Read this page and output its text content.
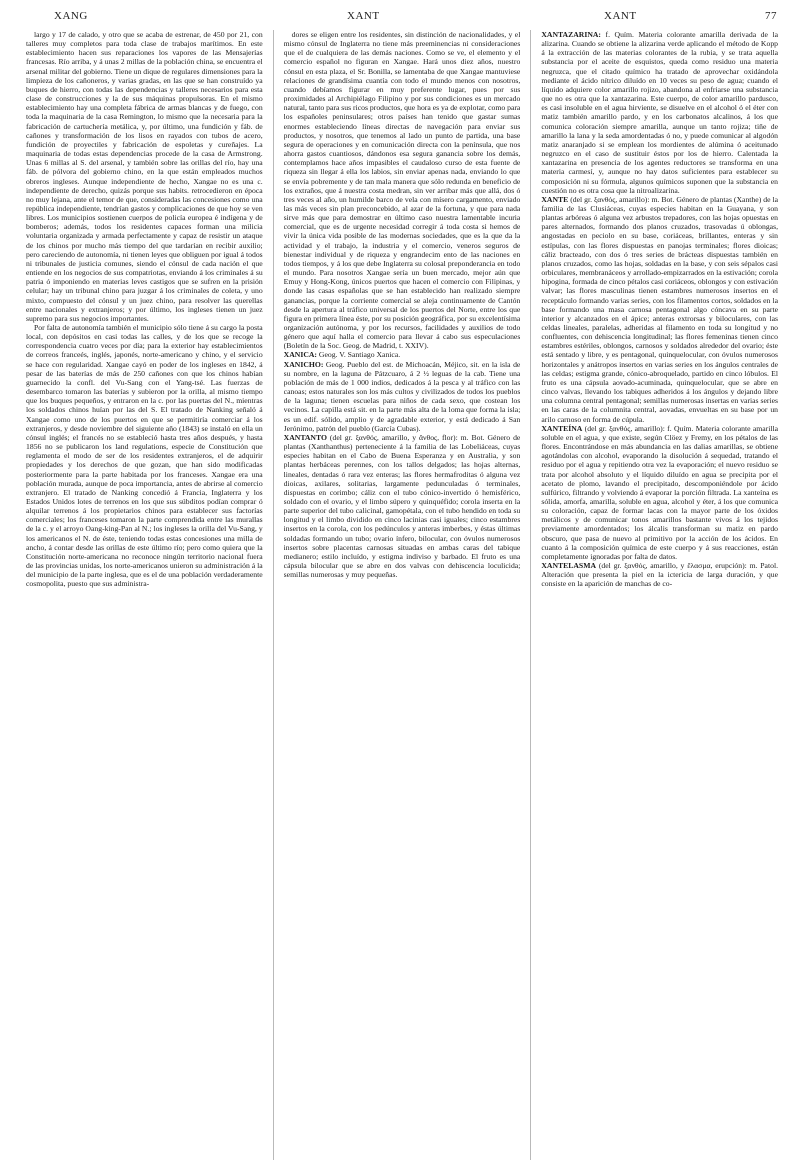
XANG	XANT	XANT	77

largo y 17 de calado, y otro que se acaba de estrenar, de 450 por 21, con talleres muy completos para toda clase de trabajos marítimos. En este establecimiento hacen sus reparaciones los vapores de las Mensajerías francesas. Río arriba, y á unas 2 millas de la población china, se encuentra el arsenal militar del gobierno. Tiene un dique de regulares dimensiones para la limpieza de los cañoneros, y varias gradas, en las que se han construído ya buques de hierro, con todas las dependencias y talleres necesarios para esta clase de construcciones y la de sus máquinas propulsoras. En el mismo establecimiento hay una completa fábrica de armas blancas y de fuego, con toda la maquinaria de la casa Remington, lo mismo que la necesaria para la fabricación de cartuchería metálica, y, por último, una fundición y fáb. de cañones y transformación de los lisos en rayados con tubos de acero, fundición de proyectiles y fabricación de espoletas y cureñajes. La maquinaria de todas estas dependencias procede de la casa de Armstrong. Unas 6 millas al S. del arsenal, y también sobre las orillas del río, hay una fáb. de pólvora del gobierno chino, en la que están empleados muchos obreros ingleses. Aunque independiente de hecho, Xangae no es una c. independiente de derecho, quizás porque sus habits. retrocedieron en época no muy lejana, ante el temor de que, consideradas las concesiones como una república independiente, tendrían gastos y complicaciones de que hoy se ven libres. Los municipios sostienen cuerpos de policía europea é indígena y de bomberos; además, todos los residentes capaces forman una milicia voluntaria organizada y armada perfectamente y capaz de resistir un ataque de los chinos por mucho más tiempo del que tardarían en recibir auxilio; pero careciendo de autonomía, ni tienen leyes que obliguen por igual á todos ni tribunales de justicia comunes, siendo el cónsul de cada nación el que entiende en los negocios de sus compatriotas, enviando á los criminales á su patria ó imponiendo en materias leves castigos que se sufren en la prisión celular; hay un tribunal chino para juzgar á los criminales de coleta, y uno mixto, compuesto del cónsul y un juez chino, para resolver las querellas entre nacionales y extranjeros; y por último, los ingleses tienen un juez supremo para sus negocios importantes.

Por falta de autonomía también el municipio sólo tiene á su cargo la posta local, con depósitos en casi todas las calles, y de los que se recoge la correspondencia cuatro veces por día; para la exterior hay establecimientos de correos franceés, inglés, japonés, norte-americano y chino, y el servicio se hace con regularidad. Xangae cayó en poder de los ingleses en 1842, á pesar de las baterías de más de 250 cañones con que los chinos habían guarnecido la confl. del Vu-Sang con el Yang-tsé. Las fuerzas de desembarco tomaron las baterías y subieron por la orilla, al mismo tiempo que los buques pequeños, y entraron en la c. por las puertas del N., mientras los soldados chinos huían por las del S. El tratado de Nanking señaló á Xangae como uno de los puertos en que se permitiría comerciar á los extranjeros, y desde noviembre del siguiente año (1843) se instaló en ella un cónsul inglés; el francés no se estableció hasta tres años después, y hasta 1856 no se publicaron los land regulations, especie de Constitución que reglamenta el modo de ser de los residentes extranjeros, el de adquirir propiedades y los derechos de que gozan, que han sido modificadas posteriormente para la parte habitada por los franceses. Xangae era una población murada, aunque de poca importancia, antes de abrirse al comercio extranjero. El tratado de Nanking concedió á Francia, Inglaterra y los Estados Unidos lotes de terrenos en los que sus súbditos podían comprar ó alquilar terrenos á los propietarios chinos para establecer sus factorías comerciales; los franceses tomaron la parte comprendida entre las murallas de la c. y el arroyo Oang-king-Pan al N.; los ingleses la orilla del Vu-Sang, y los americanos el N. de éste, teniendo todas estas concesiones una milla de ancho, á contar desde las orillas de este último río; pero como quiera que la Constitución norte-americana no reconoce ningún territorio nacional fuera de las provincias unidas, los norte-americanos unieron su administración á la del municipio de la parte inglesa, que es el de una población verdaderamente cosmopolita, puesto que sus administra-

dores se eligen entre los residentes, sin distinción de nacionalidades, y el mismo cónsul de Inglaterra no tiene más preeminencias ni consideraciones que el de cualquiera de las demás naciones. Como se ve, el elemento y el comercio español no figuran en Xangae. Hará unos diez años, nuestro cónsul en esta plaza, el Sr. Bonilla, se lamentaba de que Xangae mantuviese relaciones de grandísima cuantía con todo el mundo menos con nosotros, cuando debíamos figurar en muy preferente lugar, pues por sus proximidades al Archipiélago Filipino y por sus condiciones es un mercado natural, tanto para sus ricos productos, que hora es ya de explotar, como para los españoles peninsulares; otros países han tenido que gastar sumas enormes estableciendo líneas directas de navegación para enviar sus productos, y nosotros, que tenemos al lado un punto de partida, una base segura de operaciones y en comunicación directa con la península, que nos ahorra gastos cuantiosos, dándonos esa segura ganancia sobre los demás, contemplamos hace años impasibles el caudaloso curso de esta fuente de riqueza sin llegar á ella los labios, sin enviar apenas nada, enviando lo que se envía pobremente y de tan mala manera que sólo redunda en beneficio de los extraños, que á nuestra costa medran, sin ver arribar más que allá, dos ó tres veces al año, un humilde barco de vela con mísero cargamento, enviado las más veces sin plan preconcebido, al azar de la fortuna, y que para nada sirve más que para demostrar en último caso nuestra lamentable incuria comercial, que es de urgente necesidad corregir á toda costa si hemos de vivir la única vida posible de las modernas sociedades, que es la que da la actividad y el trabajo, la industria y el comercio, veneros seguros de bienestar individual y de riqueza y engrandecim ento de las naciones en todos tiempos, y á los que debe Inglaterra su colosal preponderancia en todo el mundo. Para nosotros Xangae sería un buen mercado, mejor aún que Emuy y Hong-Kong, únicos puertos que hacen el comercio con Filipinas, y donde las casas españolas que se han establecido han realizado siempre ganancias, porque la corriente comercial se aleja continuamente de Cantón desde la apertura al tráfico universal de los puertos del Norte, entre los que figura en primera línea éste, por su posición geográfica, por su excelentísima organización autónoma, y por los recursos, facilidades y auxilios de todo género que aquí halla el comercio para llevar á cabo sus especulaciones (Boletín de la Soc. Geog. de Madrid, t. XXIV).

XANICA: Geog. V. Santiago Xanica.

XANICHO: Geog. Pueblo del est. de Michoacán, Méjico, sit. en la isla de su nombre, en la laguna de Pátzcuaro, á 2 ½ leguas de la cab. Tiene una población de más de 1 000 indios, dedicados á la pesca y al tráfico con las canoas; estos naturales son los más cultos y civilizados de todos los pueblos de la laguna; tienen escuelas para niños de cada sexo, que costean los vecinos. La capilla está sit. en la parte más alta de la loma que forma la isla; es un edif. sólido, amplio y de agradable exterior, y está dedicado á San Jerónimo, patrón del pueblo (García Cubas).

XANTANTO (del gr. ξανθός, amarillo, y ἄνθος, flor): m. Bot. Género de plantas (Xanthanthus) perteneciente á la familia de las Lobeliáceas, cuyas especies habitan en el Cabo de Buena Esperanza y en Australia, y son plantas herbáceas perennes, con los tallos delgados; las hojas alternas, lineales, dentadas ó rara vez enteras; las flores hermafroditas ó alguna vez dioicas, axilares, solitarias, largamente pedunculadas ó terminales, dispuestas en corimbo; cáliz con el tubo cónico-invertido ó hemisférico, soldado con el ovario, y el limbo súpero y quinquéfido; corola inserta en la parte superior del tubo calicinal, gamopétala, con el tubo hendido en toda su longitud y el limbo dividido en cinco lacinias casi iguales; cinco estambres insertos en la corola, con los pedúnculos y anteras imberbes, y éstas últimas soldadas formando un tubo; ovario ínfero, bilocular, con óvulos numerosos insertos sobre placentas carnosas situadas en ambas caras del tabique medianero; estilo incluído, y estigma indiviso y barbado. El fruto es una cápsula bilocular que se abre en dos valvas con dehiscencia loculicida; semillas numerosas y muy pequeñas.

XANTAZARINA: f. Quím. Materia colorante amarilla derivada de la alizarina. Cuando se obtiene la alizarina verde aplicando el método de Kopp á la extracción de las materias colorantes de la rubia, y se trata aquella substancia por el aceite de esquistos, queda como residuo una materia negruzca, que el citado químico ha tratado de aprovechar oxidándola mediante el ácido nítrico diluído en 10 veces su peso de agua; cuando el líquido adquiere color amarillo rojizo, abandona al enfriarse una substancia que no es otra que la xantazarina. Este cuerpo, de color amarillo pardusco, es casi insoluble en el agua hirviente, se disuelve en el alcohol ó el éter con matiz también amarillo pardo, y en los carbonatos alcalinos, á los que comunica coloración siempre amarilla, aunque un tanto rojiza; tiñe de amarillo la lana y la seda amordentadas ó no, y puede comunicar al algodón matiz anaranjado si se emplean los mordientes de alúmina ó aceitunado negruzco en el caso de sustituir éstos por los de hierro. Calentada la xantazarina en presencia de los agentes reductores se transforma en una materia carmesí, y, aunque no hay datos suficientes para establecer su composición ni su fórmula, algunos químicos suponen que la substancia en cuestión no es otra cosa que la nitroalizarina.

XANTE (del gr. ξανθός, amarillo): m. Bot. Género de plantas (Xanthe) de la familia de las Clusiáceas, cuyas especies habitan en la Guayana, y son plantas arbóreas ó alguna vez arbustos trepadores, con las hojas opuestas en pares alternados, formando dos planos cruzados, trasovadas ú oblongas, angostadas en peciolo en su base, coriáceas, brillantes, enteras y sin estípulas, con las flores dispuestas en panojas terminales; flores dioicas; cáliz bracteado, con dos ó tres series de brácteas dispuestas también en planos cruzados, como las hojas, soldadas en la base, y con seis sépalos casi orbiculares, membranáceos y arrollado-empizarrados en la estivación; corola hipogina, formada de cinco pétalos casi coriáceos, oblongos y con estivación valvar; las flores masculinas tienen estambres numerosos insertos en el receptáculo formando varias series, con los filamentos cortos, soldados en la base formando una masa carnosa pentagonal algo cóncava en su parte interior y alcanzados en el ápice; anteras extrorsas y biloculares, con las celdas lineales, paralelas, adheridas al filamento en toda su longitud y no confluentes, con dehiscencia longitudinal; las flores femeninas tienen cinco estambres estériles, oblongos, carnosos y soldados alrededor del ovario; éste está sentado y libre, y es pentagonal, quinquelocular, con óvulos numerosos horizontales y anátropos insertos en varias series en los ángulos centrales de las celdas; estigma grande, cónico-abroquelado, partido en cinco lóbulos. El fruto es una cápsula aovado-acuminada, quinquelocular, que se abre en cinco valvas, llevando los tabiques adheridos á los ángulos y dejando libre una columna central pentagonal; semillas numerosas insertas en varias series en las caras de la columnita central, aovadas, envueltas en su base por un arilo carnoso en forma de cúpula.

XANTEÍNA (del gr. ξανθός, amarillo): f. Quím. Materia colorante amarilla soluble en el agua, y que existe, según Clöez y Fremy, en los pétalos de las flores. Encontrándose en más abundancia en las dalias amarillas, se obtiene agotándolas con alcohol, evaporando la disolución á sequedad, tratando el residuo por el agua y repitiendo otra vez la evaporación; el nuevo residuo se trata por alcohol absoluto y el líquido diluído en agua se precipita por el acetato de plomo, lavando el precipitado, descomponiéndole por ácido sulfúrico, filtrando y volviendo á evaporar la porción filtrada. La xanteína es sólida, amorfa, amarilla, soluble en agua, alcohol y éter, á los que comunica su coloración, capaz de formar lacas con la mayor parte de los óxidos metálicos y de comunicar tonos amarillos bastante vivos á los tejidos previamente amordentados; los álcalis transforman su matiz en pardo obscuro, que pasa de nuevo al primitivo por la acción de los ácidos. En cuanto á la composición química de este cuerpo y á sus reacciones, están completamente ignoradas por falta de datos.

XANTELASMA (del gr. ξανθός, amarillo, y ἔλασμα, erupción): m. Patol. Alteración que presenta la piel en la ictericia de larga duración, y que consiste en la aparición de manchas de co-
